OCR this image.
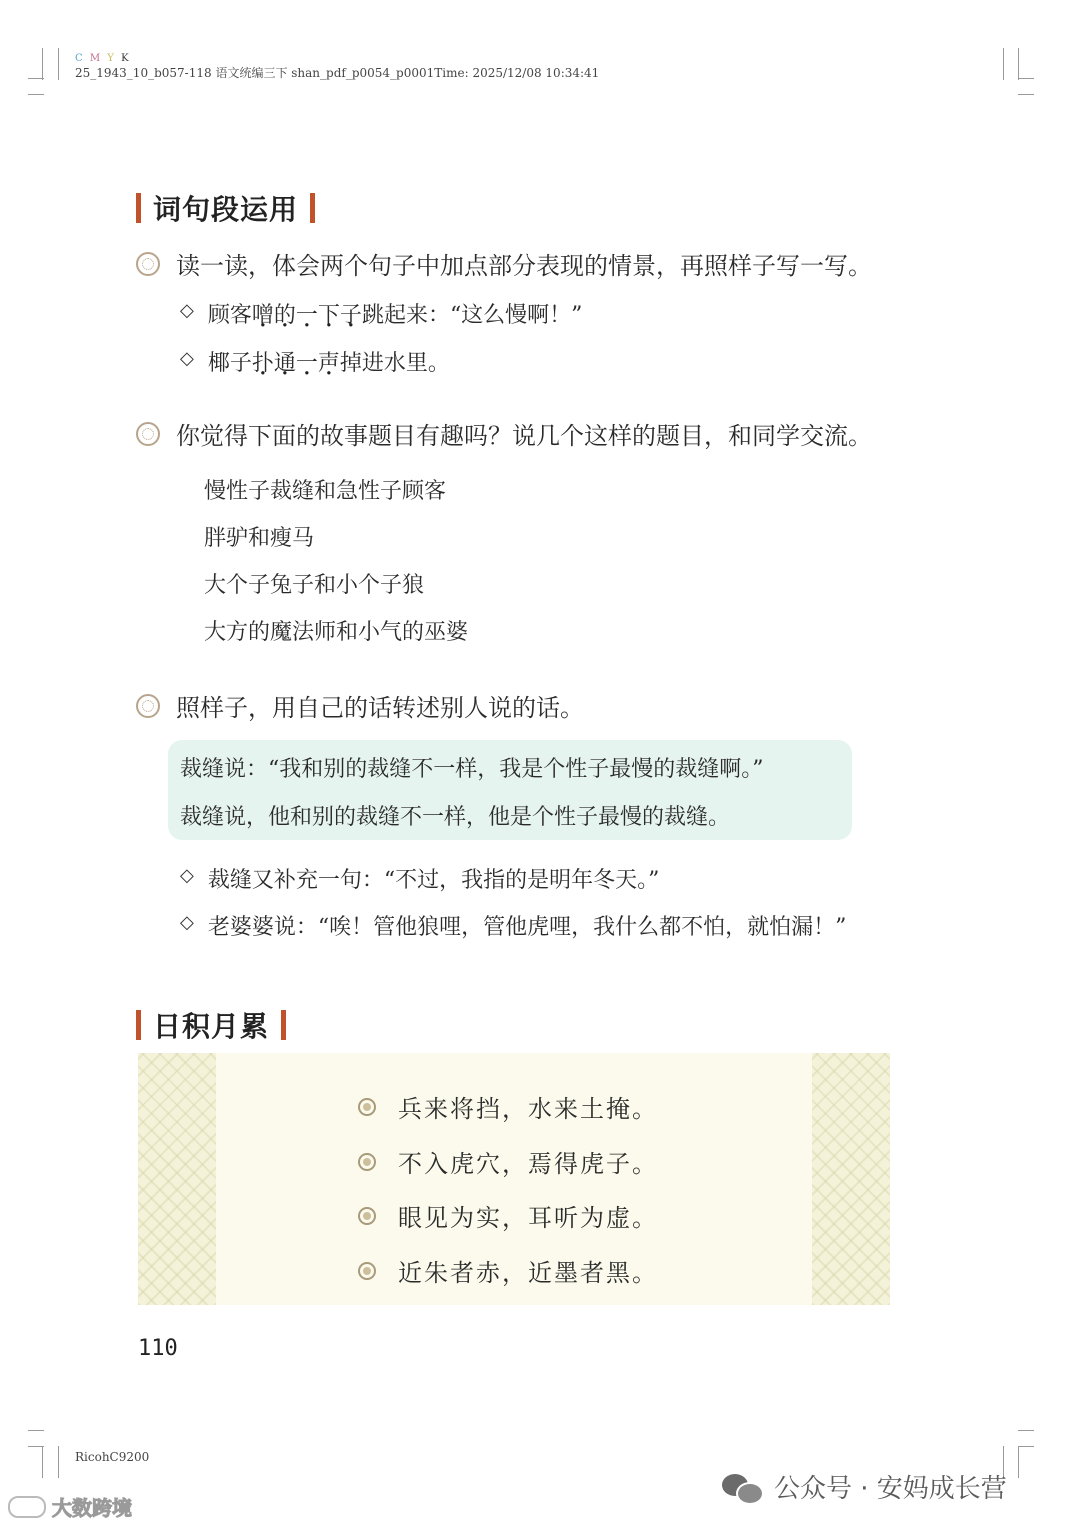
C M Y K
25_1943_10_b057-118 语文统编三下 shan_pdf_p0054_p0001Time: 2025/12/08 10:34:41
词句段运用
读一读，体会两个句子中加点部分表现的情景，再照样子写一写。
◇ 顾客 噌 · 的 · 一 · 下 · 子 · 跳起来：“这么慢啊！”
◇ 椰子 扑 · 通 · 一 · 声 · 掉进水里。
你觉得下面的故事题目有趣吗？说几个这样的题目，和同学交流。
慢性子裁缝和急性子顾客
胖驴和瘦马
大个子兔子和小个子狼
大方的魔法师和小气的巫婆
照样子，用自己的话转述别人说的话。
裁缝说：“我和别的裁缝不一样，我是个性子最慢的裁缝啊。”
裁缝说，他和别的裁缝不一样，他是个性子最慢的裁缝。
◇ 裁缝又补充一句：“不过，我指的是明年冬天。”
◇ 老婆婆说：“唉！管他狼哩，管他虎哩，我什么都不怕，就怕漏！”
日积月累
兵来将挡，水来土掩。
不入虎穴，焉得虎子。
眼见为实，耳听为虚。
近朱者赤，近墨者黑。
110
RicohC9200
大数跨境
公众号 · 安妈成长营
